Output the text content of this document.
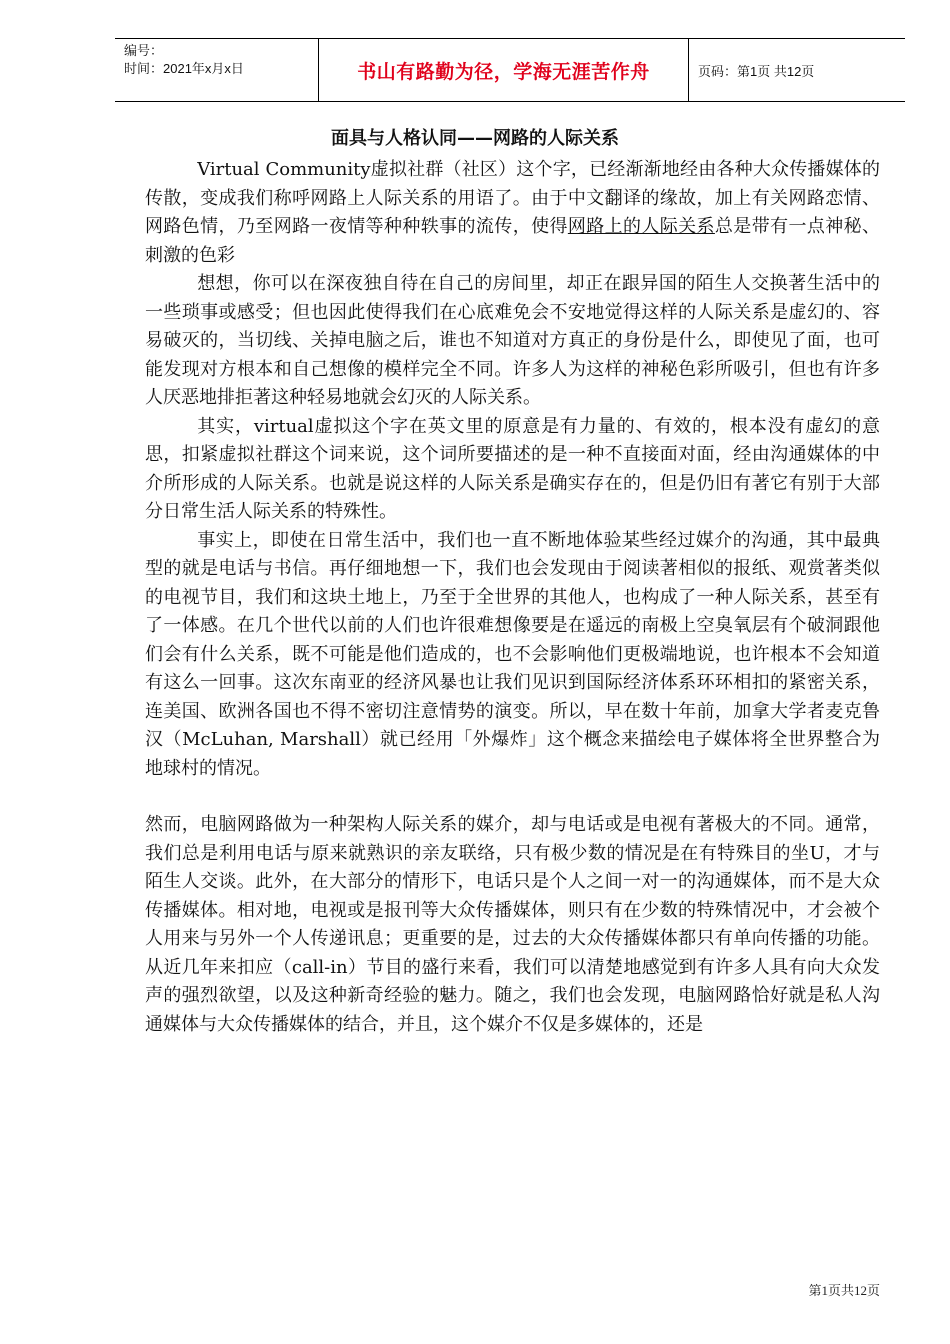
编号：
时间：2021年x月x日	书山有路勤为径，学海无涯苦作舟	页码：第1页 共12页
面具与人格认同——网路的人际关系

Virtual Community虚拟社群（社区）这个字，已经渐渐地经由各种大众传播媒体的传散，变成我们称呼网路上人际关系的用语了。由于中文翻译的缘故，加上有关网路恋情、网路色情，乃至网路一夜情等种种轶事的流传，使得网路上的人际关系总是带有一点神秘、刺激的色彩

想想，你可以在深夜独自待在自己的房间里，却正在跟异国的陌生人交换著生活中的一些琐事或感受；但也因此使得我们在心底难免会不安地觉得这样的人际关系是虚幻的、容易破灭的，当切线、关掉电脑之后，谁也不知道对方真正的身份是什么，即使见了面，也可能发现对方根本和自己想像的模样完全不同。许多人为这样的神秘色彩所吸引，但也有许多人厌恶地排拒著这种轻易地就会幻灭的人际关系。

其实，virtual虚拟这个字在英文里的原意是有力量的、有效的，根本没有虚幻的意思，扣紧虚拟社群这个词来说，这个词所要描述的是一种不直接面对面，经由沟通媒体的中介所形成的人际关系。也就是说这样的人际关系是确实存在的，但是仍旧有著它有别于大部分日常生活人际关系的特殊性。

事实上，即使在日常生活中，我们也一直不断地体验某些经过媒介的沟通，其中最典型的就是电话与书信。再仔细地想一下，我们也会发现由于阅读著相似的报纸、观赏著类似的电视节目，我们和这块土地上，乃至于全世界的其他人，也构成了一种人际关系，甚至有了一体感。在几个世代以前的人们也许很难想像要是在遥远的南极上空臭氧层有个破洞跟他们会有什么关系，既不可能是他们造成的，也不会影响他们更极端地说，也许根本不会知道有这么一回事。这次东南亚的经济风暴也让我们见识到国际经济体系环环相扣的紧密关系，连美国、欧洲各国也不得不密切注意情势的演变。所以，早在数十年前，加拿大学者麦克鲁汉（McLuhan, Marshall）就已经用「外爆炸」这个概念来描绘电子媒体将全世界整合为地球村的情况。

然而，电脑网路做为一种架构人际关系的媒介，却与电话或是电视有著极大的不同。通常，我们总是利用电话与原来就熟识的亲友联络，只有极少数的情况是在有特殊目的坐U，才与陌生人交谈。此外，在大部分的情形下，电话只是个人之间一对一的沟通媒体，而不是大众传播媒体。相对地，电视或是报刊等大众传播媒体，则只有在少数的特殊情况中，才会被个人用来与另外一个人传递讯息；更重要的是，过去的大众传播媒体都只有单向传播的功能。从近几年来扣应（call-in）节目的盛行来看，我们可以清楚地感觉到有许多人具有向大众发声的强烈欲望，以及这种新奇经验的魅力。随之，我们也会发现，电脑网路恰好就是私人沟通媒体与大众传播媒体的结合，并且，这个媒介不仅是多媒体的，还是

第1页共12页
